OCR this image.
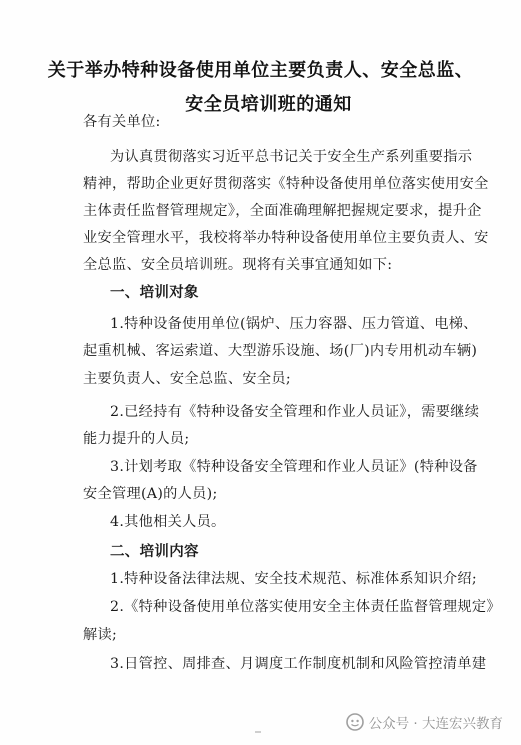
关于举办特种设备使用单位主要负责人、安全总监、
安全员培训班的通知
各有关单位:
为认真贯彻落实习近平总书记关于安全生产系列重要指示
精神，帮助企业更好贯彻落实《特种设备使用单位落实使用安全
主体责任监督管理规定》，全面准确理解把握规定要求，提升企
业安全管理水平，我校将举办特种设备使用单位主要负责人、安
全总监、安全员培训班。现将有关事宜通知如下:
一、培训对象
1.特种设备使用单位(锅炉、压力容器、压力管道、电梯、
起重机械、客运索道、大型游乐设施、场(厂)内专用机动车辆)
主要负责人、安全总监、安全员;
2.已经持有《特种设备安全管理和作业人员证》，需要继续
能力提升的人员;
3.计划考取《特种设备安全管理和作业人员证》(特种设备
安全管理(A)的人员);
4.其他相关人员。
二、培训内容
1.特种设备法律法规、安全技术规范、标准体系知识介绍;
2.《特种设备使用单位落实使用安全主体责任监督管理规定》
解读;
3.日管控、周排查、月调度工作制度机制和风险管控清单建
公众号 · 大连宏兴教育
